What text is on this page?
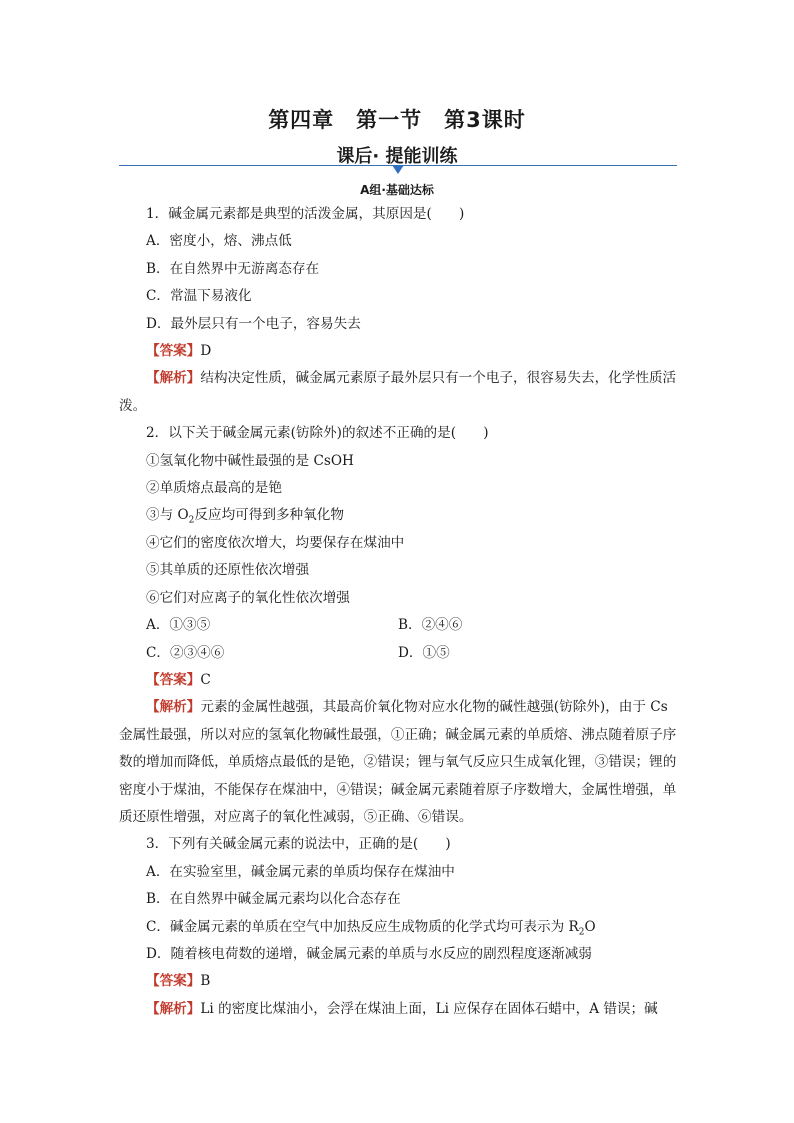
第四章　第一节　第3课时
课后· 提能训练
A组·基础达标

1．碱金属元素都是典型的活泼金属，其原因是(　　)

A．密度小，熔、沸点低

B．在自然界中无游离态存在

C．常温下易液化

D．最外层只有一个电子，容易失去

【答案】D

【解析】结构决定性质，碱金属元素原子最外层只有一个电子，很容易失去，化学性质活泼。

2．以下关于碱金属元素(钫除外)的叙述不正确的是(　　)

①氢氧化物中碱性最强的是 CsOH

②单质熔点最高的是铯

③与 $O_2$反应均可得到多种氧化物

④它们的密度依次增大，均要保存在煤油中

⑤其单质的还原性依次增强

⑥它们对应离子的氧化性依次增强

A．①③⑤	B．②④⑥

C．②③④⑥	D．①⑤

【答案】C

【解析】元素的金属性越强，其最高价氧化物对应水化物的碱性越强(钫除外)，由于 Cs 金属性最强，所以对应的氢氧化物碱性最强，①正确；碱金属元素的单质熔、沸点随着原子序数的增加而降低，单质熔点最低的是铯，②错误；锂与氧气反应只生成氧化锂，③错误；锂的密度小于煤油，不能保存在煤油中，④错误；碱金属元素随着原子序数增大，金属性增强，单质还原性增强，对应离子的氧化性减弱，⑤正确、⑥错误。

3．下列有关碱金属元素的说法中，正确的是(　　)

A．在实验室里，碱金属元素的单质均保存在煤油中

B．在自然界中碱金属元素均以化合态存在

C．碱金属元素的单质在空气中加热反应生成物质的化学式均可表示为 $R_2O$

D．随着核电荷数的递增，碱金属元素的单质与水反应的剧烈程度逐渐减弱

【答案】B

【解析】Li 的密度比煤油小，会浮在煤油上面，Li 应保存在固体石蜡中，A 错误；碱
